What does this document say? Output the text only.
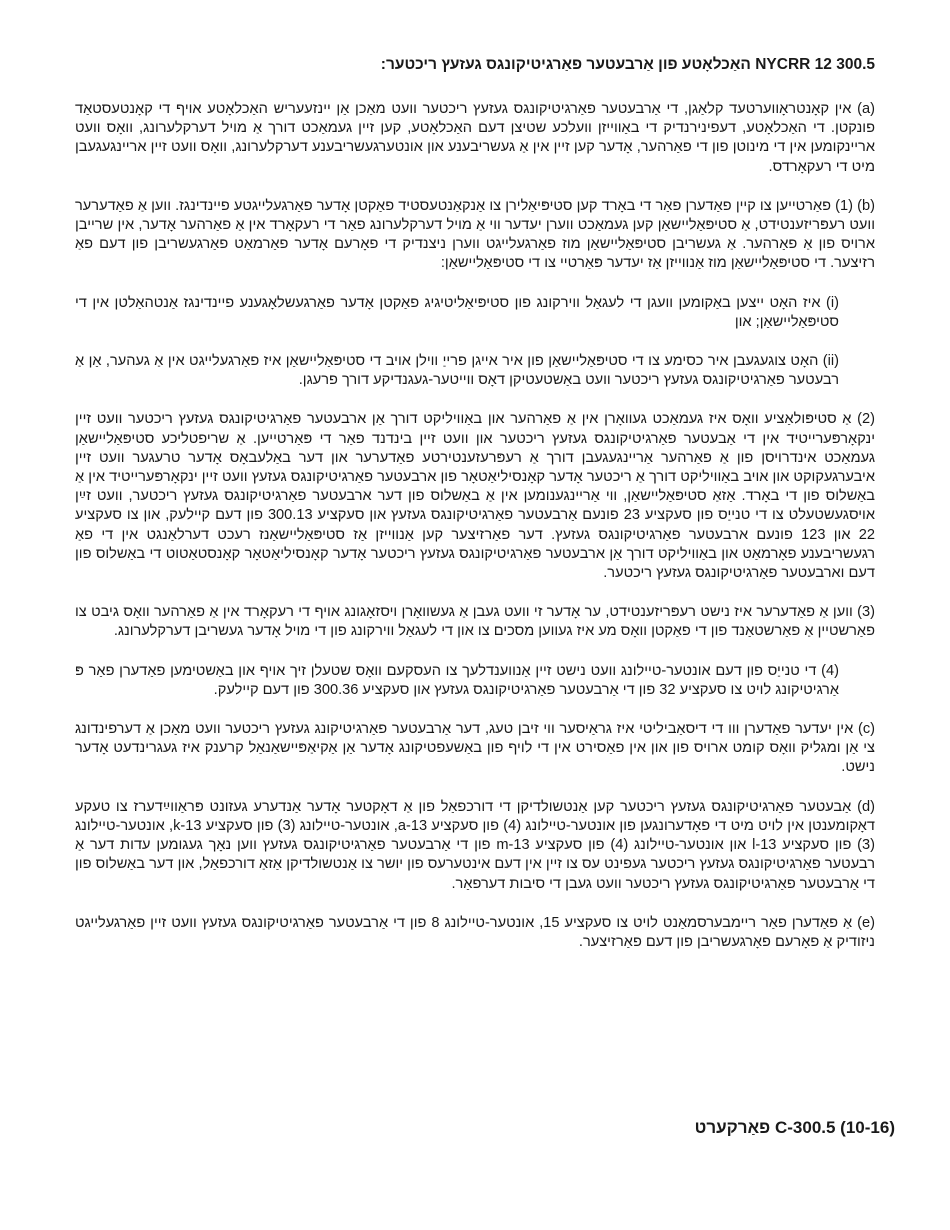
300.5 NYCRR 12 האַכלאָטע פון אַרבעטער פאַרגיטיקונגס געזעץ ריכטער:

(a) אין קאָנטראָווערטעד קלאַגן, די אַרבעטער פאַרגיטיקונגס געזעץ ריכטער וועט מאַכן אַן יינזעעריש האַכלאָטע אויף די קאָנטעסטאַד פונקטן. די האַכלאָטע, דעפינירנדיק די באַווייזן וועלכע שטיצן דעם האַכלאָטע, קען זיין געמאַכט דורך אַ מויל דערקלערונג, וואָס וועט אריינקומען אין די מינוטן פון די פאַרהער, אָדער קען זיין אין אַ געשריבענע און אונטערגעשריבענע דערקלערונג, וואָס וועט זיין אריינגעגעבן מיט די רעקאָרדס.

(b) (1) פאַרטייען צו קיין פאַדערן פאַר די באָרד קען סטיפּיאַלירן צו אַנקאַנטעסטיד פאַקטן אָדער פאַרגעלייגטע פיינדינגז. ווען אַ פאַדערער וועט רעפּריזענטידט, אַ סטיפּאַליישאַן קען געמאַכט ווערן יעדער ווי אַ מויל דערקלערונג פאַר די רעקאָרד אין אַ פאַרהער אָדער, אין שרייבן ארויס פון אַ פאַרהער. אַ געשריבן סטיפּאַליישאַן מוז פאַרגעלייגט ווערן ניצנדיק די פאָרעם אָדער פאַרמאַט פאַרגעשריבן פון דעם פאַ רזיצער. די סטיפּאַליישאַן מוז אַנווייזן אַז יעדער פּאַרטיי צו די סטיפּאַליישאַן:

(i) איז האָט ייצען באַקומען וועגן די לעגאַל ווירקונג פון סטיפּיאַליטיגיג פאַקטן אָדער פאַרגעשלאָגענע פיינדינגז אַנטהאַלטן אין די סטיפּאַליישאַן; און

(ii) האָט צוגעגעבן איר כסימע צו די סטיפּאַליישאַן פון איר אייגן פרייַ ווילן אויב די סטיפּאַליישאַן איז פאַרגעלייגט אין אַ געהער, אַן אַ רבעטער פאַרגיטיקונגס געזעץ ריכטער וועט באַשטעטיקן דאָס ווייטער-געגנדיקע דורך פרעגן.

(2) אַ סטיפּולאַציע וואָס איז געמאַכט געוואָרן אין אַ פאַרהער און באַוויליקט דורך אַן ארבעטער פאַרגיטיקונגס געזעץ ריכטער וועט זיין ינקאָרפּערייטיד אין די אַבעטער פאַרגיטיקונגס געזעץ ריכטער און וועט זיין בינדנד פאַר די פּאַרטייען. אַ שריפטליכע סטיפּאַליישאַן געמאַכט אינדרויסן פון אַ פאַרהער אַריינגעגעבן דורך אַ רעפּרעזענטירטע פאַדערער און דער באַלעבאָס אָדער טרעגער וועט זיין איבערגעקוקט און אויב באַוויליקט דורך אַ ריכטער אָדער קאָנסיליאַטאָר פון ארבעטער פאַרגיטיקונגס געזעץ וועט זיין ינקאָרפּערייטיד אין אַ באַשלוס פון די באָרד. אַזאַ סטיפּאַליישאַן, ווי אַריינגענומען אין אַ באַשלוס פון דער ארבעטער פאַרגיטיקונגס געזעץ ריכטער, וועט זײַן אויסגעשטעלט צו די טנייַס פון סעקציע 23 פונעם אַרבעטער פאַרגיטיקונגס געזעץ און סעקציע 300.13 פון דעם קיילעק, און צו סעקציע 22 און 123 פונעם ארבעטער פאַרגיטיקונגס געזעץ. דער פאַרזיצער קען אַנווייזן אַז סטיפּאַליישאַנז רעכט דערלאַנגט אין די פאַ רגעשריבענע פאָרמאַט און באַוויליקט דורך אַן ארבעטער פאַרגיטיקונגס געזעץ ריכטער אָדער קאָנסיליאַטאָר קאָנסטאַטוט די באַשלוס פון דעם וארבעטער פאַרגיטיקונגס געזעץ ריכטער.

(3) ווען אַ פאַדערער איז נישט רעפּריזענטידט, ער אָדער זי וועט געבן אַ געשוואָרן ויסזאָגונג אויף די רעקאָרד אין אַ פאַרהער וואָס גיבט צו פאַרשטיין אַ פאַרשטאַנד פון די פאַקטן וואָס מע איז געווען מסכים צו און די לעגאַל ווירקונג פון די מויל אָדער געשריבן דערקלערונג.

(4) די טנייַס פון דעם אונטער-טיילונג וועט נישט זיין אַנווענדלעך צו העסקעם וואָס שטעלן זיך אויף און באַשטימען פאַדערן פאַר פּ אַרגיטיקונג לויט צו סעקציע 32 פון די אַרבעטער פאַרגיטיקונגס געזעץ און סעקציע 300.36 פון דעם קיילעק.

(c) אין יעדער פאַדערן ווו די דיסאַביליטי איז גראַיסער ווי זיבן טעג, דער אַרבעטער פאַרגיטיקונג געזעץ ריכטער וועט מאַכן אַ דערפינדונג צי אַן ומגליק וואָס קומט ארויס פון און אין פאַסירט אין די לויף פון באַשעפטיקונג אָדער אַן אַקיאַפּיישאַנאַל קרענק איז געגרינדעט אָדער נישט.

(d) אַבעטער פאַרגיטיקונגס געזעץ ריכטער קען אַנטשולדיקן די דורכפאַל פון אַ דאָקטער אָדער אַנדערע געזונט פּראַווײַדערז צו טעקע דאָקומענטן אין לויט מיט די פאָדערונגען פון אונטער-טיילונג (4) פון סעקציע 13-a, אונטער-טיילונג (3) פון סעקציע 13-k, אונטער-טיילונג (3) פון סעקציע 13-l און אונטער-טיילונג (4) פון סעקציע 13-m פון די אַרבעטער פאַרגיטיקונגס געזעץ ווען נאָך געגומען עדות דער אַ רבעטער פאַרגיטיקונגס געזעץ ריכטער געפינט עס צו זיין אין דעם אינטערעס פון יושר צו אַנטשולדיקן אַזאַ דורכפאַל, און דער באַשלוס פון די אַרבעטער פאַרגיטיקונגס געזעץ ריכטער וועט געבן די סיבות דערפאַר.

(e) אַ פאַדערן פאַר ריימבערסמאַנט לויט צו סעקציע 15, אונטער-טיילונג 8 פון די אַרבעטער פאַרגיטיקונגס געזעץ וועט זיין פאַרגעלייגט ניזודיק אַ פאָרעם פאָרגעשריבן פון דעם פאַרזיצער.

C-300.5 (10-16) פאַרקערט
